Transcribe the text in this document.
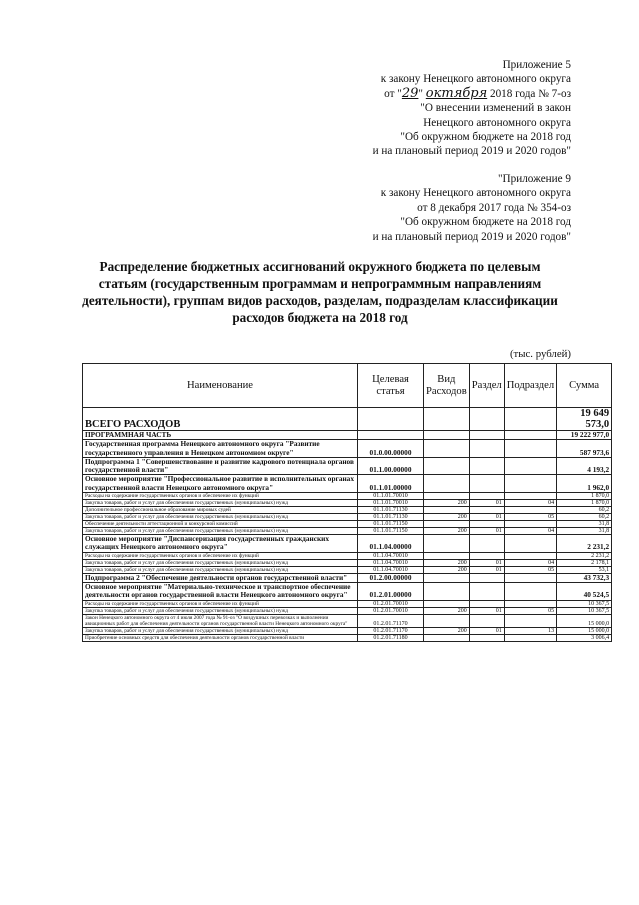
Приложение 5
к закону Ненецкого автономного округа
от "29" октября 2018 года № 7-оз
"О внесении изменений в закон
Ненецкого автономного округа
"Об окружном бюджете на 2018 год
и на плановый период 2019 и 2020 годов"
"Приложение 9
к закону Ненецкого автономного округа
от 8 декабря 2017 года № 354-оз
"Об окружном бюджете на 2018 год
и на плановый период 2019 и 2020 годов"
Распределение бюджетных ассигнований окружного бюджета по целевым
статьям (государственным программам и непрограммным направлениям
деятельности), группам видов расходов, разделам, подразделам классификации
расходов бюджета на 2018 год
(тыс. рублей)
Наименование	Целевая статья	Вид Расходов	Раздел	Подраздел	Сумма
ВСЕГО РАСХОДОВ					19 649 573,0
ПРОГРАММНАЯ ЧАСТЬ					19 222 977,0
Государственная программа Ненецкого автономного округа "Развитие государственного управления в Ненецком автономном округе"	01.0.00.00000				587 973,6
Подпрограмма 1 "Совершенствование и развитие кадрового потенциала органов государственной власти"	01.1.00.00000				4 193,2
Основное мероприятие "Профессиональное развитие в исполнительных органах государственной власти Ненецкого автономного округа"	01.1.01.00000				1 962,0
Расходы на содержание государственных органов и обеспечение их функций	01.1.01.70010				1 870,0
Закупка товаров, работ и услуг для обеспечения государственных (муниципальных) нужд	01.1.01.70010	200	01	04	1 870,0
Дополнительное профессиональное образование мировых судей	01.1.01.71130				60,2
Закупка товаров, работ и услуг для обеспечения государственных (муниципальных) нужд	01.1.01.71130	200	01	05	60,2
Обеспечение деятельности аттестационной и конкурсной комиссий	01.1.01.71150				31,8
Закупка товаров, работ и услуг для обеспечения государственных (муниципальных) нужд	01.1.01.71150	200	01	04	31,8
Основное мероприятие "Диспансеризация государственных гражданских служащих Ненецкого автономного округа"	01.1.04.00000				2 231,2
Расходы на содержание государственных органов и обеспечение их функций	01.1.04.70010				2 231,2
Закупка товаров, работ и услуг для обеспечения государственных (муниципальных) нужд	01.1.04.70010	200	01	04	2 178,1
Закупка товаров, работ и услуг для обеспечения государственных (муниципальных) нужд	01.1.04.70010	200	01	05	53,1
Подпрограмма 2 "Обеспечение деятельности органов государственной власти"	01.2.00.00000				43 732,3
Основное мероприятие "Материально-техническое и транспортное обеспечение деятельности органов государственной власти Ненецкого автономного округа"	01.2.01.00000				40 524,5
Расходы на содержание государственных органов и обеспечение их функций	01.2.01.70010				10 367,5
Закупка товаров, работ и услуг для обеспечения государственных (муниципальных) нужд	01.2.01.70010	200	01	05	10 367,5
Закон Ненецкого автономного округа от 4 июля 2007 года № 91-оз "О воздушных перевозках и выполнении авиационных работ для обеспечения деятельности органов государственной власти Ненецкого автономного округа"	01.2.01.71170				15 000,0
Закупка товаров, работ и услуг для обеспечения государственных (муниципальных) нужд	01.2.01.71170	200	01	13	15 000,0
Приобретение основных средств для обеспечения деятельности органов государственной власти	01.2.01.71180				3 006,4
